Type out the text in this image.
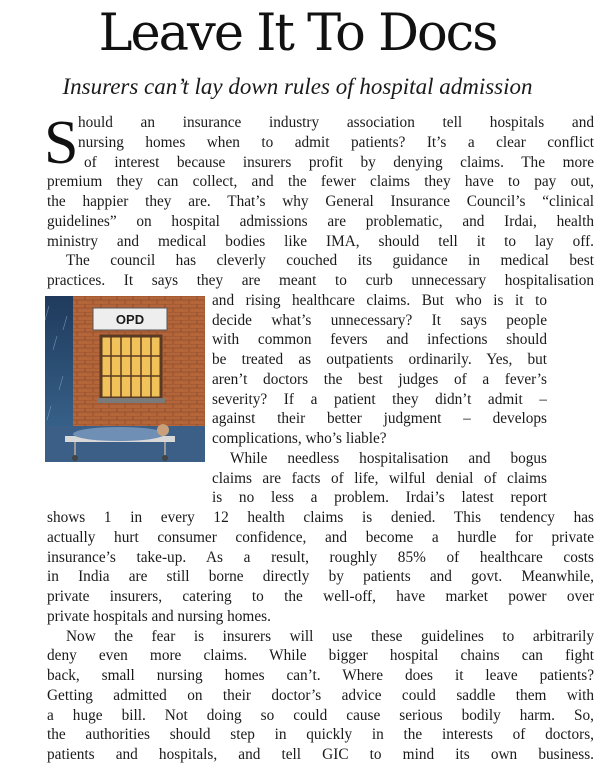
Leave It To Docs
Insurers can’t lay down rules of hospital admission
S hould an insurance industry association tell hospitals and
nursing homes when to admit patients? It’s a clear conflict
of interest because insurers profit by denying claims. The more
premium they can collect, and the fewer claims they have to pay out,
the happier they are. That’s why General Insurance Council’s “clinical
guidelines” on hospital admissions are problematic, and Irdai, health
ministry and medical bodies like IMA, should tell it to lay off.
The council has cleverly couched its guidance in medical best
practices. It says they are meant to curb unnecessary hospitalisation
and rising healthcare claims. But who is it to
decide what’s unnecessary? It says people
with common fevers and infections should
be treated as outpatients ordinarily. Yes, but
aren’t doctors the best judges of a fever’s
severity? If a patient they didn’t admit –
against their better judgment – develops
complications, who’s liable?
While needless hospitalisation and bogus
claims are facts of life, wilful denial of claims
is no less a problem. Irdai’s latest report
shows 1 in every 12 health claims is denied. This tendency has
actually hurt consumer confidence, and become a hurdle for private
insurance’s take-up. As a result, roughly 85% of healthcare costs
in India are still borne directly by patients and govt. Meanwhile,
private insurers, catering to the well-off, have market power over
private hospitals and nursing homes.
Now the fear is insurers will use these guidelines to arbitrarily
deny even more claims. While bigger hospital chains can fight
back, small nursing homes can’t. Where does it leave patients?
Getting admitted on their doctor’s advice could saddle them with
a huge bill. Not doing so could cause serious bodily harm. So,
the authorities should step in quickly in the interests of doctors,
patients and hospitals, and tell GIC to mind its own business.
OPD
